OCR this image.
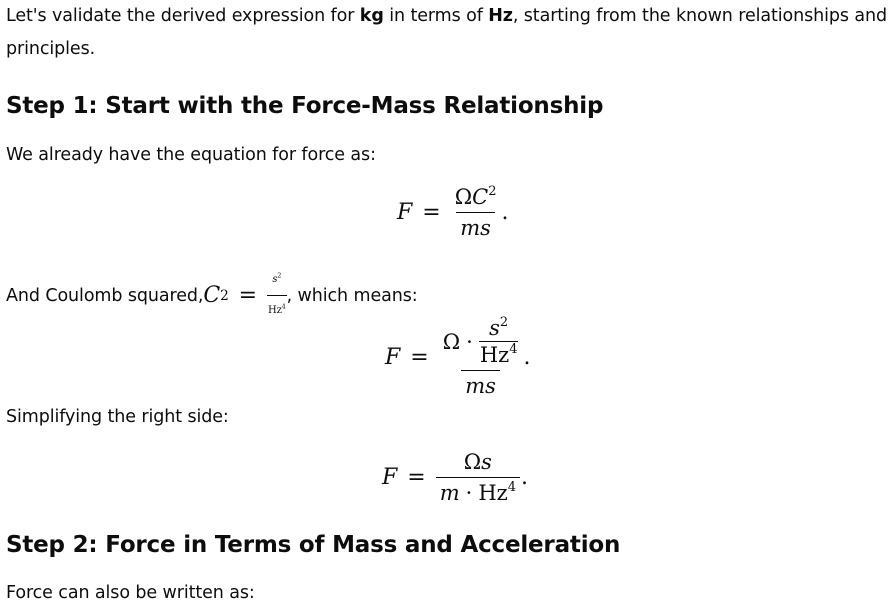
Let's validate the derived expression for kg in terms of Hz, starting from the known relationships and

principles.

Step 1: Start with the Force-Mass Relationship

We already have the equation for force as:

$F = \frac{\Omega C^2}{ms}$ .
And Coulomb squared, C $2 = \frac{s^2}{Hz^4}$ , which means:
$F = \frac{\Omega \cdot \frac{s^2}{Hz^4}}{ms}$ .

Simplifying the right side:

$F = \frac{\Omega s}{m \cdot Hz^4}$ .
Step 2: Force in Terms of Mass and Acceleration

Force can also be written as:
